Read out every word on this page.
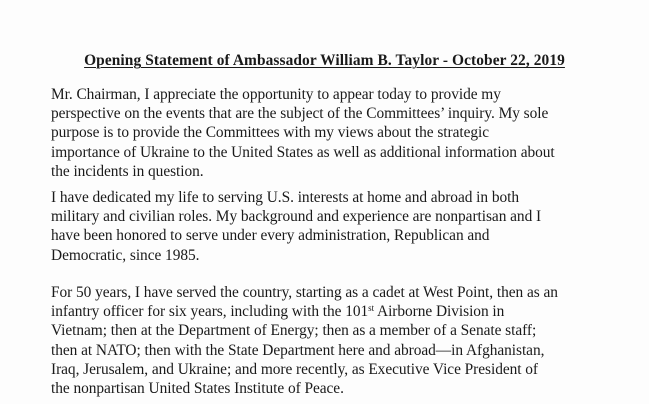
Opening Statement of Ambassador William B. Taylor - October 22, 2019

Mr. Chairman, I appreciate the opportunity to appear today to provide my
perspective on the events that are the subject of the Committees’ inquiry. My sole
purpose is to provide the Committees with my views about the strategic
importance of Ukraine to the United States as well as additional information about
the incidents in question.

I have dedicated my life to serving U.S. interests at home and abroad in both
military and civilian roles. My background and experience are nonpartisan and I
have been honored to serve under every administration, Republican and
Democratic, since 1985.

For 50 years, I have served the country, starting as a cadet at West Point, then as an
infantry officer for six years, including with the 101st Airborne Division in
Vietnam; then at the Department of Energy; then as a member of a Senate staff;
then at NATO; then with the State Department here and abroad—in Afghanistan,
Iraq, Jerusalem, and Ukraine; and more recently, as Executive Vice President of
the nonpartisan United States Institute of Peace.
